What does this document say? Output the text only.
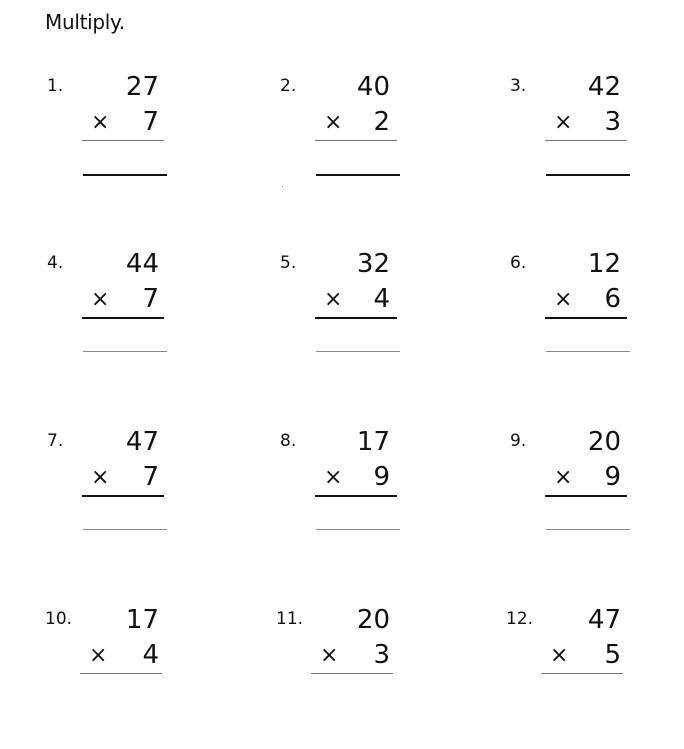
Multiply.
1. 27
× 7
2. 40
× 2
3. 42
× 3
4. 44
× 7
5. 32
× 4
6. 12
× 6
7. 47
× 7
8. 17
× 9
9. 20
× 9
10. 17
× 4
11. 20
× 3
12. 47
× 5
